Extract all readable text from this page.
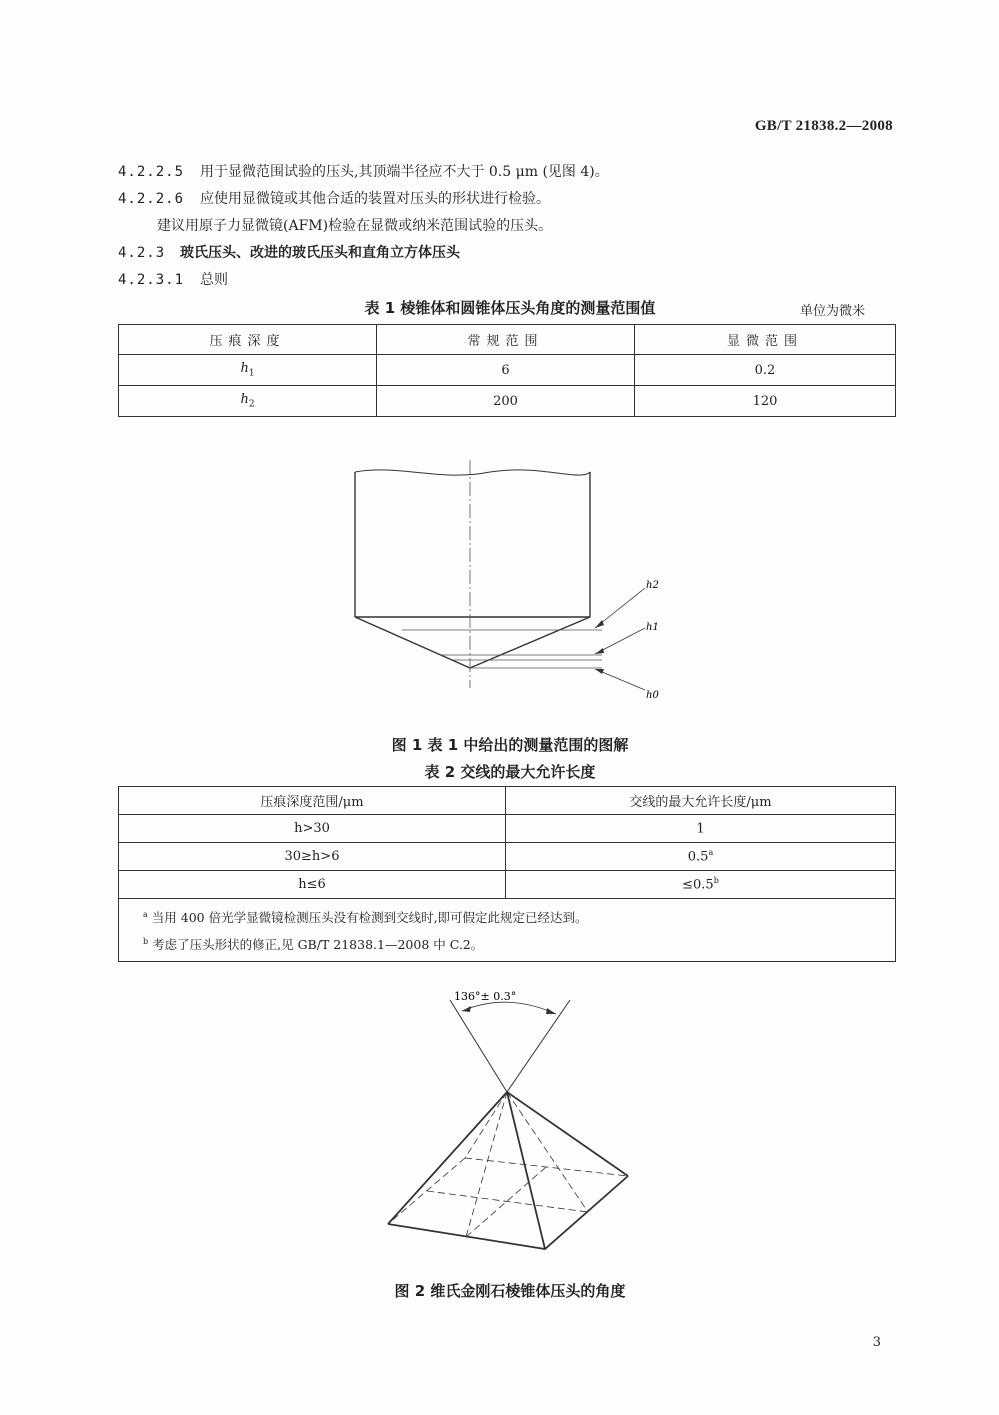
GB/T 21838.2—2008
4.2.2.5 用于显微范围试验的压头,其顶端半径应不大于 0.5 μm (见图 4)。
4.2.2.6 应使用显微镜或其他合适的装置对压头的形状进行检验。
建议用原子力显微镜(AFM)检验在显微或纳米范围试验的压头。
4.2.3 玻氏压头、改进的玻氏压头和直角立方体压头
4.2.3.1 总则
表 1 棱锥体和圆锥体压头角度的测量范围值	单位为微米
压痕深度	常规范围	显微范围
$h_1$	6	0.2
$h_2$	200	120
h2
h1
h0
图 1 表 1 中给出的测量范围的图解
表 2 交线的最大允许长度
压痕深度范围/μm	交线的最大允许长度/μm
h>30	1
30≥h>6	0.5$^a$
h≤6	≤0.5$^b$

$^a$ 当用 400 倍光学显微镜检测压头没有检测到交线时,即可假定此规定已经达到。
$^b$ 考虑了压头形状的修正,见 GB/T 21838.1—2008 中 C.2。	
136°± 0.3°
图 2 维氏金刚石棱锥体压头的角度
3
